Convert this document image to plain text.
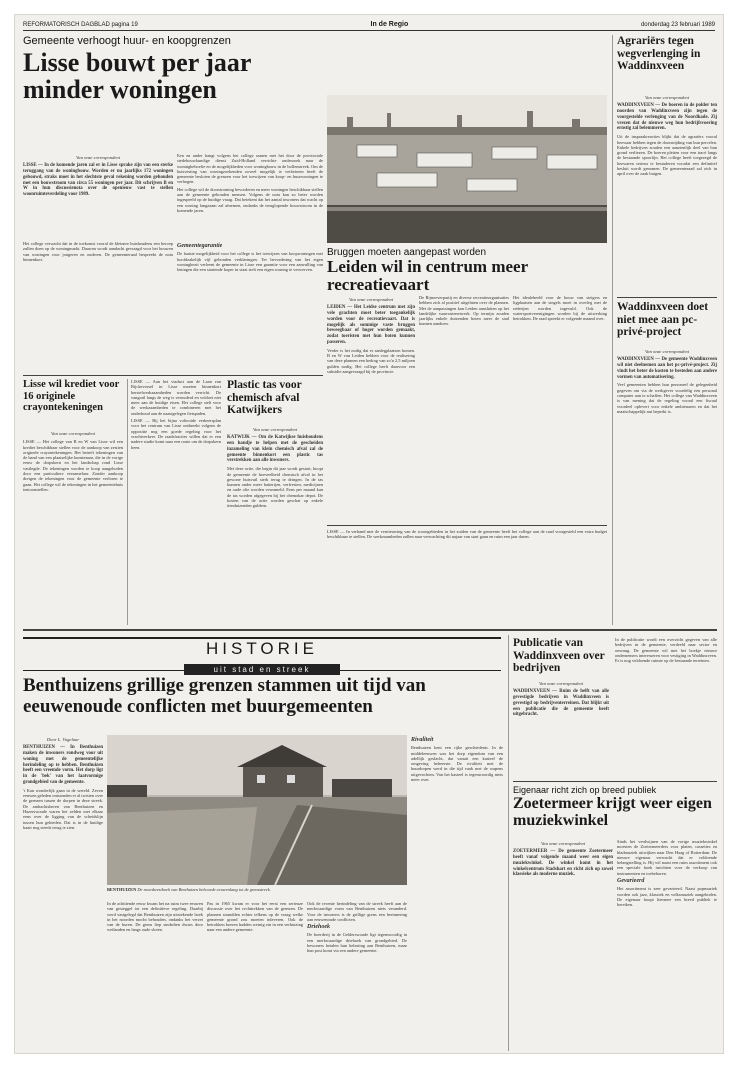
REFORMATORISCH DAGBLAD pagina 19	In de Regio	donderdag 23 februari 1989
Gemeente verhoogt huur- en koopgrenzen
Lisse bouwt per jaar minder woningen
Van onze correspondent

LISSE — In de komende jaren zal er in Lisse sprake zijn van een sterke teruggang van de woningbouw. Worden er nu jaarlijks 172 woningen gebouwd, straks moet in het slechtste geval rekening worden gehouden met een bouwstroom van circa 55 woningen per jaar. Dit schrijven B en W in hun discussienota over de openieuw vast te stellen woonruimteverdeling voor 1989.

Een en ander hangt volgens het college samen met het door de provinciale stedebouwkundige dienst Zuid-Holland verrichte onderzoek naar de woningbehoefte en de mogelijkheden voor woningbouw in de bollenstreek. Om de huisvesting van woningzoekenden zoveel mogelijk te verbeteren heeft de gemeente besloten de grenzen voor het toewijzen van koop- en huurwoningen te verhogen.

Het college wil de doorstroming bevorderen en meer woningen beschikbaar stellen aan de gemeente gebonden mensen. Volgens de nota kan zo beter worden ingespeeld op de huidige vraag. Dat betekent dat het aantal inwoners dat wacht op een woning langzaam zal afnemen, ondanks de teruglopende bouwstroom in de komende jaren.

Het college verwacht dat in de toekomst vooral de kleinere huishoudens een beroep zullen doen op de woningmarkt. Daarom wordt aandacht gevraagd voor het bouwen van woningen voor jongeren en ouderen. De gemeenteraad bespreekt de nota binnenkort.

Gemeentegarantie

De laatste mogelijkheid voor het college is het toewijzen van koopwoningen met hoofdzakelijk vijf gebonden verklaringen. Ter bevordering van het eigen woningbezit verleent de gemeente in Lisse een garantie voor een aanvulling van leningen die een startende koper in staat stelt een eigen woning te verwerven.

Bruggen moeten aangepast worden
Leiden wil in centrum meer recreatievaart
Van onze correspondent

LEIDEN — Het Leidse centrum met zijn vele grachten moet beter toegankelijk worden voor de recreatievaart. Dat is mogelijk als sommige vaste bruggen beweegbaar of hoger worden gemaakt, zodat toeristen met hun boten kunnen passeren.

Verder is het nodig dat er aanlegplaatsen komen. B en W van Leiden hebben voor de realisering van deze plannen een bedrag van zo'n 2,5 miljoen gulden nodig. Het college heeft daarvoor een subsidie aangevraagd bij de provincie.

De Rijnoeverpartij en diverse recreatieorganisaties hebben zich al positief uitgelaten over de plannen. Met de aanpassingen kan Leiden aansluiten op het landelijke vaarroutenetwerk. Op termijn zouden jaarlijks enkele duizenden boten meer de stad kunnen aandoen.

Het idealebeeld voor de bouw van steigers en ligplaatsen aan de singels moet in overleg met de rederijen worden ingevuld. Ook de watersportverenigingen worden bij de uitwerking betrokken. De raad spreekt er volgende maand over.

LISSE — In verband met de vernieuwing van de woongebieden in het zuiden van de gemeente heeft het college aan de raad voorgesteld een extra budget beschikbaar te stellen. De werkzaamheden zullen naar verwachting dit najaar van start gaan en ruim een jaar duren.

Agrariërs tegen wegverlenging in Waddinxveen
Van onze correspondent

WADDINXVEEN — De boeren in de polder ten noorden van Waddinxveen zijn tegen de voorgestelde verlenging van de Noordkade. Zij vrezen dat de nieuwe weg hun bedrijfsvoering ernstig zal belemmeren.

Uit de inspraakreacties blijkt dat de agrariërs vooral bezwaar hebben tegen de doorsnijding van hun percelen. Enkele bedrijven zouden een aanzienlijk deel van hun grond verliezen. De boeren pleiten voor een tracé langs de bestaande spoorlijn. Het college heeft toegezegd de bezwaren serieus te bestuderen voordat een definitief besluit wordt genomen. De gemeenteraad zal zich in april over de zaak buigen.

Waddinxveen doet niet mee aan pc-privé-project
Van onze correspondent

WADDINXVEEN — De gemeente Waddinxveen wil niet deelnemen aan het pc-privé-project. Zij vindt het beter de kosten te besteden aan andere vormen van automatisering.

Veel gemeenten hebben hun personeel de gelegenheid gegeven om via de werkgever voordelig een personal computer aan te schaffen. Het college van Waddinxveen is van mening dat de regeling vooral een fiscaal voordeel oplevert voor enkele ambtenaren en dat het maatschappelijk nut beperkt is.

Lisse wil krediet voor 16 originele crayontekeningen
Van onze correspondent

LISSE — Het college van B en W van Lisse wil een krediet beschikbaar stellen voor de aankoop van zestien originele crayontekeningen. Het betreft tekeningen van de hand van een plaatselijke kunstenaar, die in de vorige eeuw de dorpskern en het landschap rond Lisse vastlegde. De tekeningen worden te koop aangeboden door een particuliere verzamelaar. Zonder aankoop dreigen de tekeningen voor de gemeente verloren te gaan. Het college wil de tekeningen in het gemeentehuis tentoonstellen.

LISSE — Aan het viaduct aan de Laan van Rijckevorsel in Lisse moeten binnenkort herstelwerkzaamheden worden verricht. De vangrail langs de weg is verouderd en voldoet niet meer aan de huidige eisen. Het college stelt voor de werkzaamheden te combineren met het onderhoud aan de naastgelegen fietspaden.

LISSE — Bij het bijna voltooide verkeersplan voor het centrum van Lisse ontbreekt volgens de oppositie nog een goede regeling voor het vrachtverkeer. De raadsfracties willen dat er een nadere studie komt naar een route om de dorpskern heen.

Plastic tas voor chemisch afval Katwijkers
Van onze correspondent

KATWIJK — Om de Katwijkse huishoudens een handje te helpen met de gescheiden inzameling van klein chemisch afval zal de gemeente binnenkort een plastic tas verstrekken aan alle inwoners.

Met deze actie, die begin dit jaar wordt gestart, hoopt de gemeente de hoeveelheid chemisch afval in het gewone huisvuil sterk terug te dringen. In de tas kunnen onder meer batterijen, verfresten, medicijnen en oude olie worden verzameld. Eens per maand kan de tas worden afgegeven bij het chemokar depot. De kosten van de actie worden geschat op enkele tienduizenden guldens.

HISTORIE
uit stad en streek
Benthuizens grillige grenzen stammen uit tijd van eeuwenoude conflicten met buurgemeenten
Door L. Vogelaar

BENTHUIZEN — In Benthuizen maken de inwoners rondweg voor uit woning met de gemeentelijke herindeling op te hebben. Benthuizen heeft een vreemde vorm. Het dorp ligt in de 'bek' van het laatvormige grondgebied van de gemeente.

't Kan wonderlijk gaan in de wereld. Zeven eeuwen geleden ontstonden er al twisten over de grenzen tussen de dorpen in deze streek. De ambachtsheren van Benthuizen en Hazerswoude waren het zelden met elkaar eens over de ligging van de scheidslijn tussen hun gebieden. Dat is in de huidige kaart nog steeds terug te zien.

BENTHUIZEN De noordwesthoek van Benthuizen behoorde eeuwenlang tot de grensstreek.

In de achttiende eeuw kwam het na ruim twee eeuwen van gesteggel tot een definitieve regeling. Daarbij werd vastgelegd dat Benthuizen zijn uitstekende hoek in het noorden mocht behouden, ondanks het verzet van de buren. De grens liep sindsdien dwars door weilanden en langs oude sloten.

Pas in 1965 kwam er voor het eerst een serieuze discussie over het rechttrekken van de grenzen. De plannen strandden echter telkens op de vraag welke gemeente grond zou moeten inleveren. Ook de betrokken boeren hadden weinig zin in een verhuizing naar een andere gemeente.

Ook de recente herindeling van de streek heeft aan de merkwaardige vorm van Benthuizen niets veranderd. Voor de inwoners is de grillige grens een herinnering aan eeuwenoude conflicten.

Driehoek

De boerderij in de Gelderswoude ligt tegenwoordig in een merkwaardige driehoek van grondgebied. De bewoners betalen hun belasting aan Benthuizen, maar hun post komt via een andere gemeente.

Rivaliteit

Benthuizen kent een rijke geschiedenis. In de middeleeuwen was het dorp eigendom van een adellijk geslacht, dat vanuit een kasteel de omgeving beheerste. De rivaliteit met de buurdorpen werd in die tijd vaak met de wapens uitgevochten. Van het kasteel is tegenwoordig niets meer over.

Publicatie van Waddinxveen over bedrijven
Van onze correspondent

WADDINXVEEN — Ruim de helft van alle gevestigde bedrijven in Waddinxveen is gevestigd op bedrijventerreinen. Dat blijkt uit een publicatie die de gemeente heeft uitgebracht.

In de publicatie wordt een overzicht gegeven van alle bedrijven in de gemeente, verdeeld naar sector en omvang. De gemeente wil met het boekje nieuwe ondernemers interesseren voor vestiging in Waddinxveen. Er is nog voldoende ruimte op de bestaande terreinen.

Eigenaar richt zich op breed publiek
Zoetermeer krijgt weer eigen muziekwinkel
Van onze correspondent

ZOETERMEER — De gemeente Zoetermeer heeft vanaf volgende maand weer een eigen muziekwinkel. De winkel komt in het winkelcentrum Stadshart en richt zich op zowel klassieke als moderne muziek.

Sinds het verdwijnen van de vorige muziekwinkel moesten de Zoetermeerders voor platen, cassettes en bladmuziek uitwijken naar Den Haag of Rotterdam. De nieuwe eigenaar verwacht dat er voldoende belangstelling is. Hij wil naast een ruim assortiment ook een speciale hoek inrichten voor de verkoop van instrumenten en toebehoren.

Gevarieerd

Het assortiment is zeer gevarieerd. Naast popmuziek worden ook jazz, klassiek en volksmuziek aangeboden. De eigenaar hoopt hiermee een breed publiek te bereiken.
